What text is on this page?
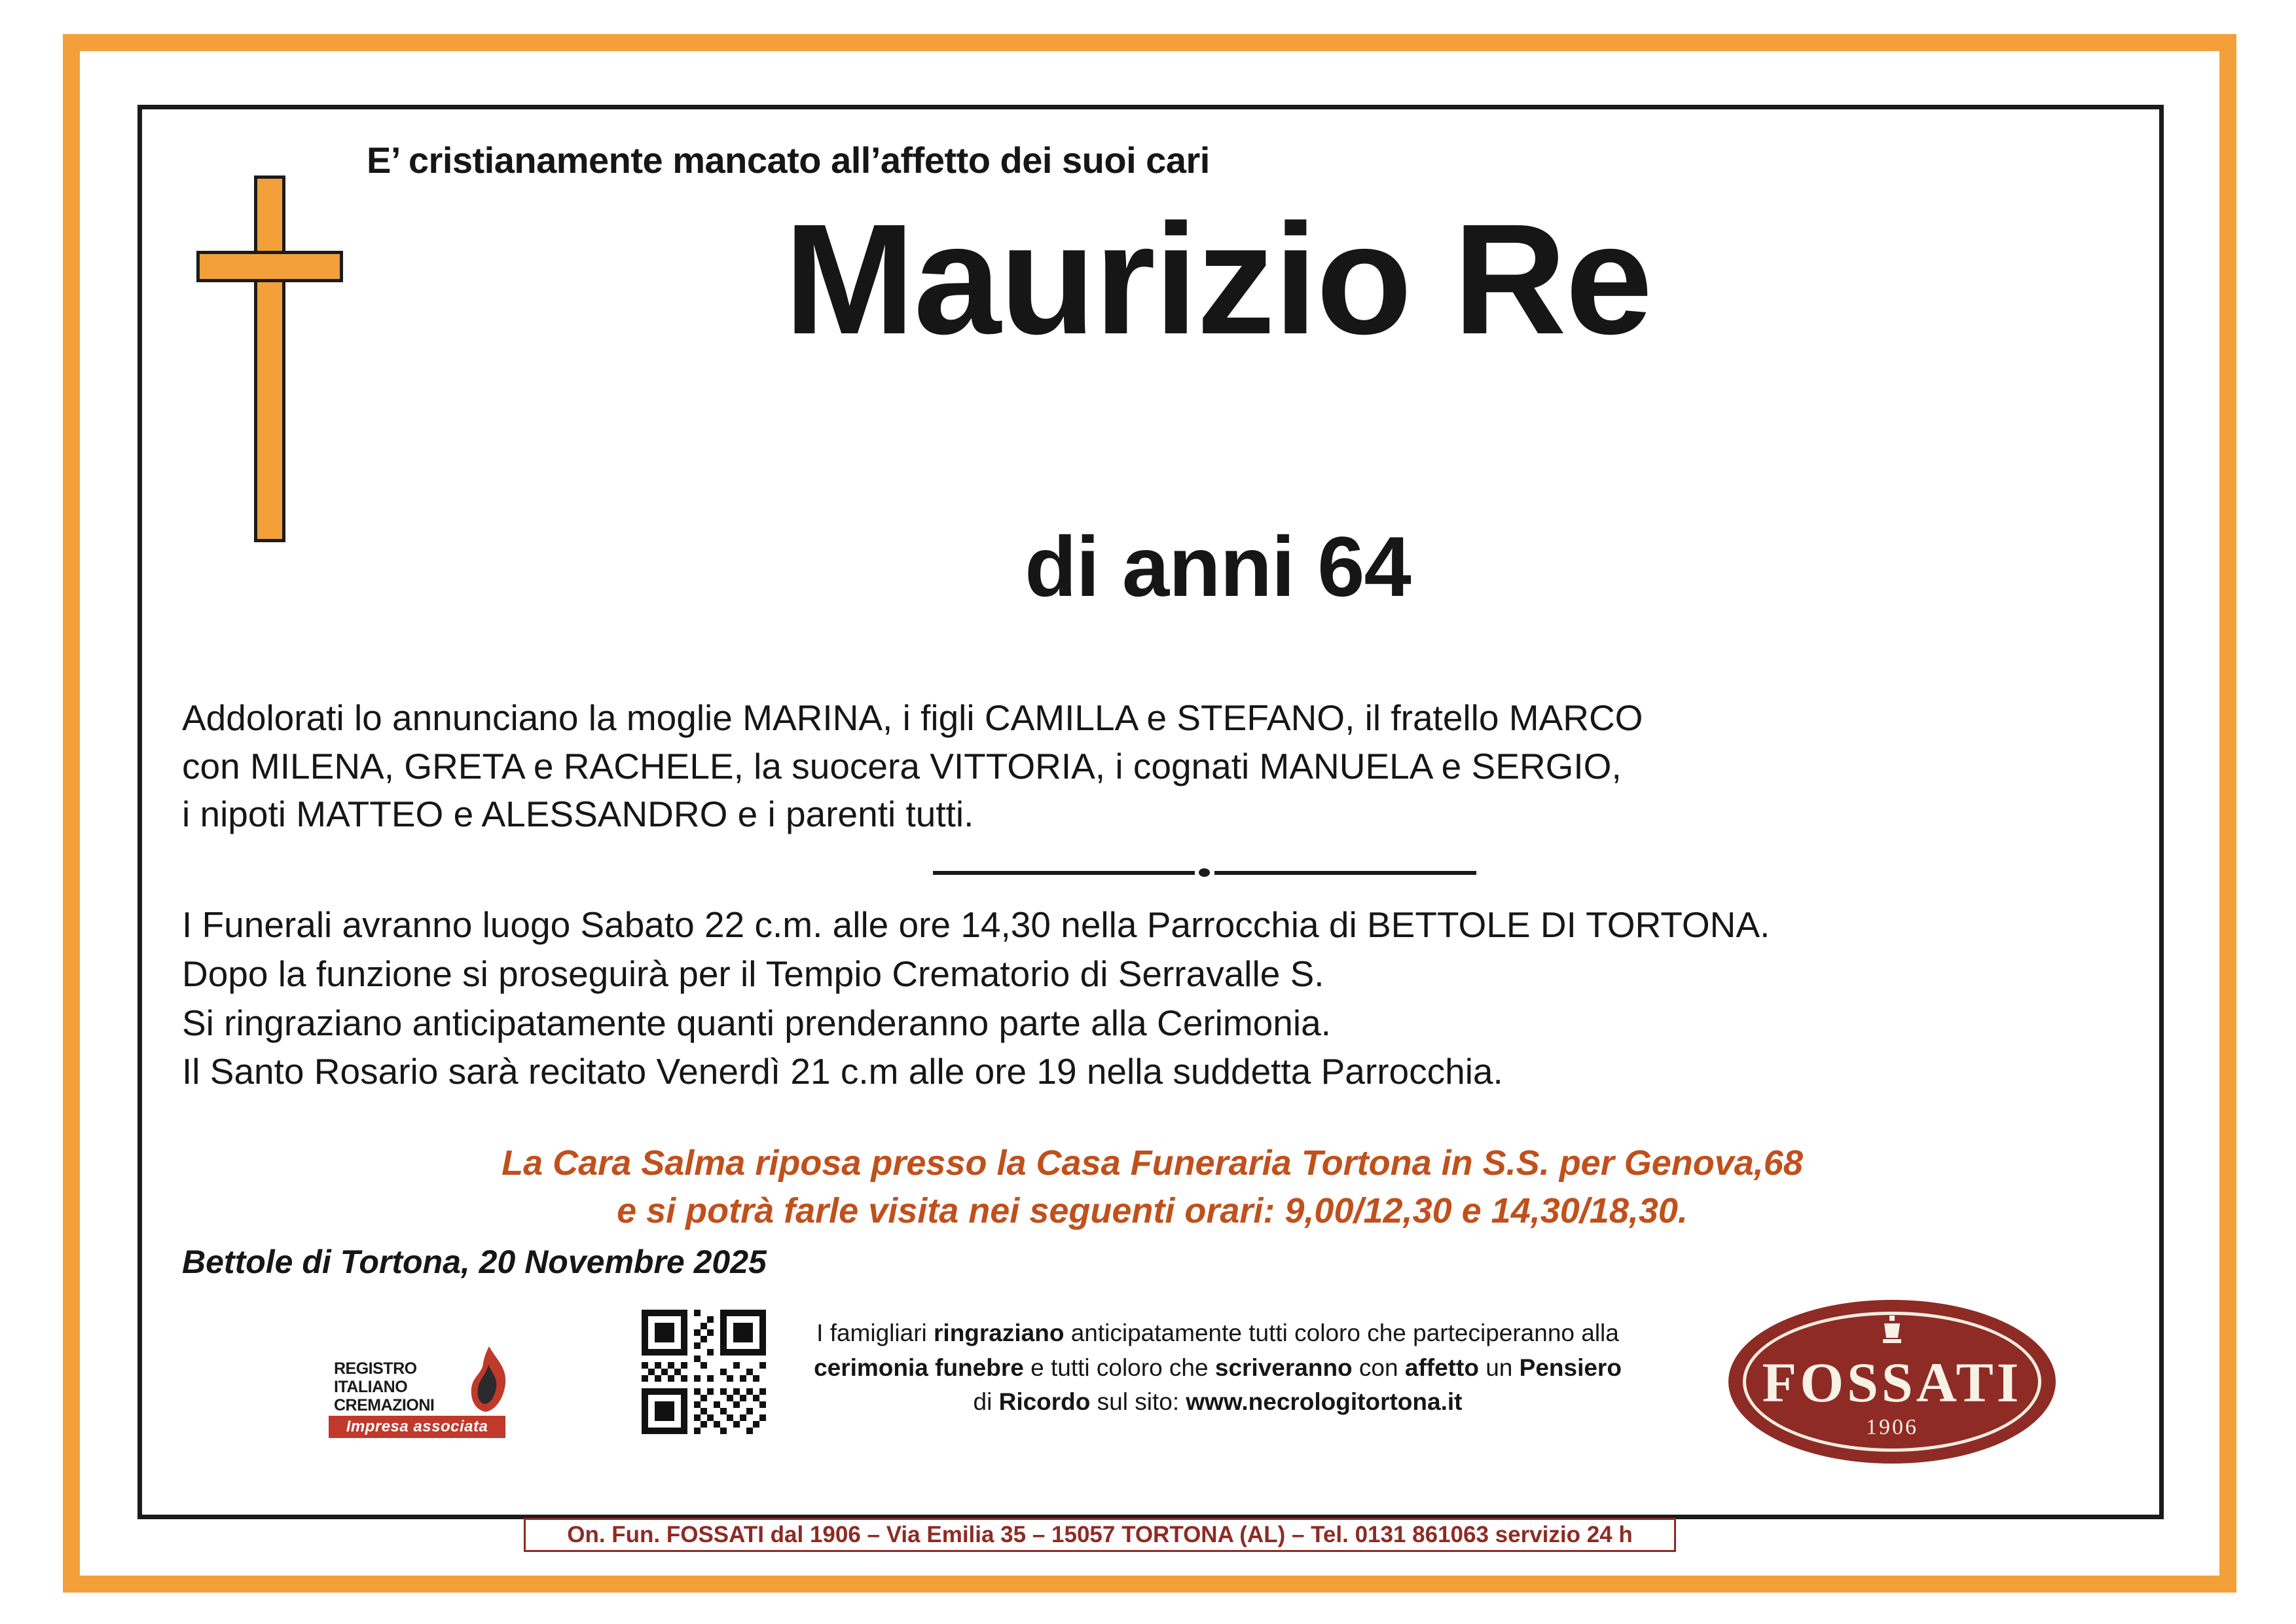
E’ cristianamente mancato all’affetto dei suoi cari
Maurizio Re
di anni 64
Addolorati lo annunciano la moglie MARINA, i figli CAMILLA e STEFANO, il fratello MARCO
con MILENA, GRETA e RACHELE, la suocera VITTORIA, i cognati MANUELA e SERGIO,
i nipoti MATTEO e ALESSANDRO e i parenti tutti.
I Funerali avranno luogo Sabato 22 c.m. alle ore 14,30 nella Parrocchia di BETTOLE DI TORTONA.
Dopo la funzione si proseguirà per il Tempio Crematorio di Serravalle S.
Si ringraziano anticipatamente quanti prenderanno parte alla Cerimonia.
Il Santo Rosario sarà recitato Venerdì 21 c.m alle ore 19 nella suddetta Parrocchia.
La Cara Salma riposa presso la Casa Funeraria Tortona in S.S. per Genova,68
e si potrà farle visita nei seguenti orari: 9,00/12,30 e 14,30/18,30.
Bettole di Tortona, 20 Novembre 2025
I famigliari ringraziano anticipatamente tutti coloro che parteciperanno alla
cerimonia funebre e tutti coloro che scriveranno con affetto un Pensiero
di Ricordo sul sito: www.necrologitortona.it
REGISTRO
ITALIANO
CREMAZIONI
Impresa associata
FOSSATI
1906
On. Fun. FOSSATI dal 1906 – Via Emilia 35 – 15057 TORTONA (AL) – Tel. 0131 861063 servizio 24 h
